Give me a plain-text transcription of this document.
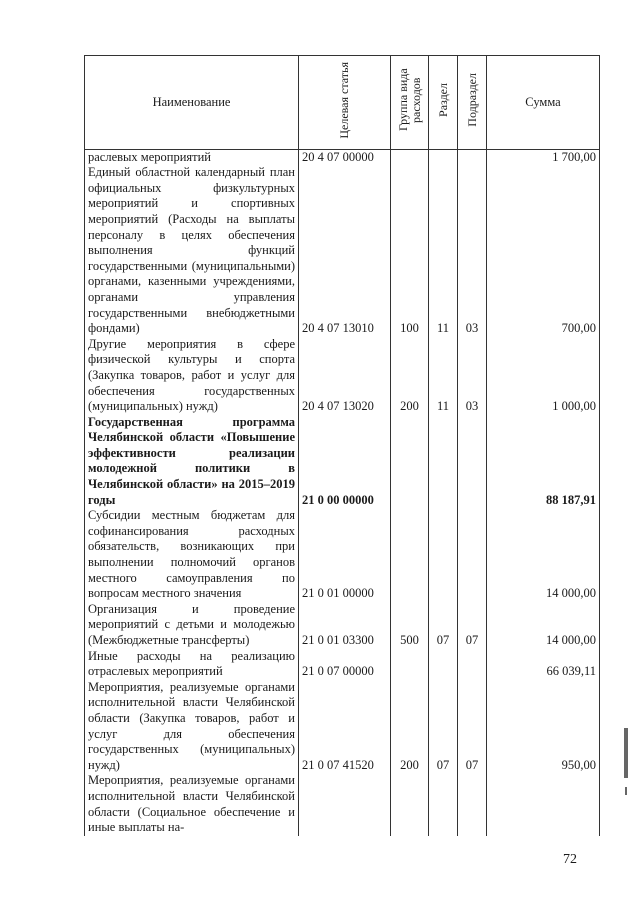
Наименование	Целевая статья	Группа вида расходов	Раздел	Подраздел	Сумма
раслевых мероприятий	20 4 07 00000				1 700,00
Единый областной календарный план официальных физкультурных мероприятий и спортивных мероприятий (Расходы на выплаты персоналу в целях обеспечения выполнения функций государственными (муниципальными) органами, казенными учреждениями, органами управления государственными внебюджетными фондами)	20 4 07 13010	100	11	03	700,00
Другие мероприятия в сфере физической культуры и спорта (Закупка товаров, работ и услуг для обеспечения государственных (муниципальных) нужд)	20 4 07 13020	200	11	03	1 000,00
Государственная программа Челябинской области «Повышение эффективности реализации молодежной политики в Челябинской области» на 2015–2019 годы	21 0 00 00000				88 187,91
Субсидии местным бюджетам для софинансирования расходных обязательств, возникающих при выполнении полномочий органов местного самоуправления по вопросам местного значения	21 0 01 00000				14 000,00
Организация и проведение мероприятий с детьми и молодежью (Межбюджетные трансферты)	21 0 01 03300	500	07	07	14 000,00
Иные расходы на реализацию отраслевых мероприятий	21 0 07 00000				66 039,11
Мероприятия, реализуемые органами исполнительной власти Челябинской области (Закупка товаров, работ и услуг для обеспечения государственных (муниципальных) нужд)	21 0 07 41520	200	07	07	950,00
Мероприятия, реализуемые органами исполнительной власти Челябинской области (Социальное обеспечение и иные выплаты на-					
72
